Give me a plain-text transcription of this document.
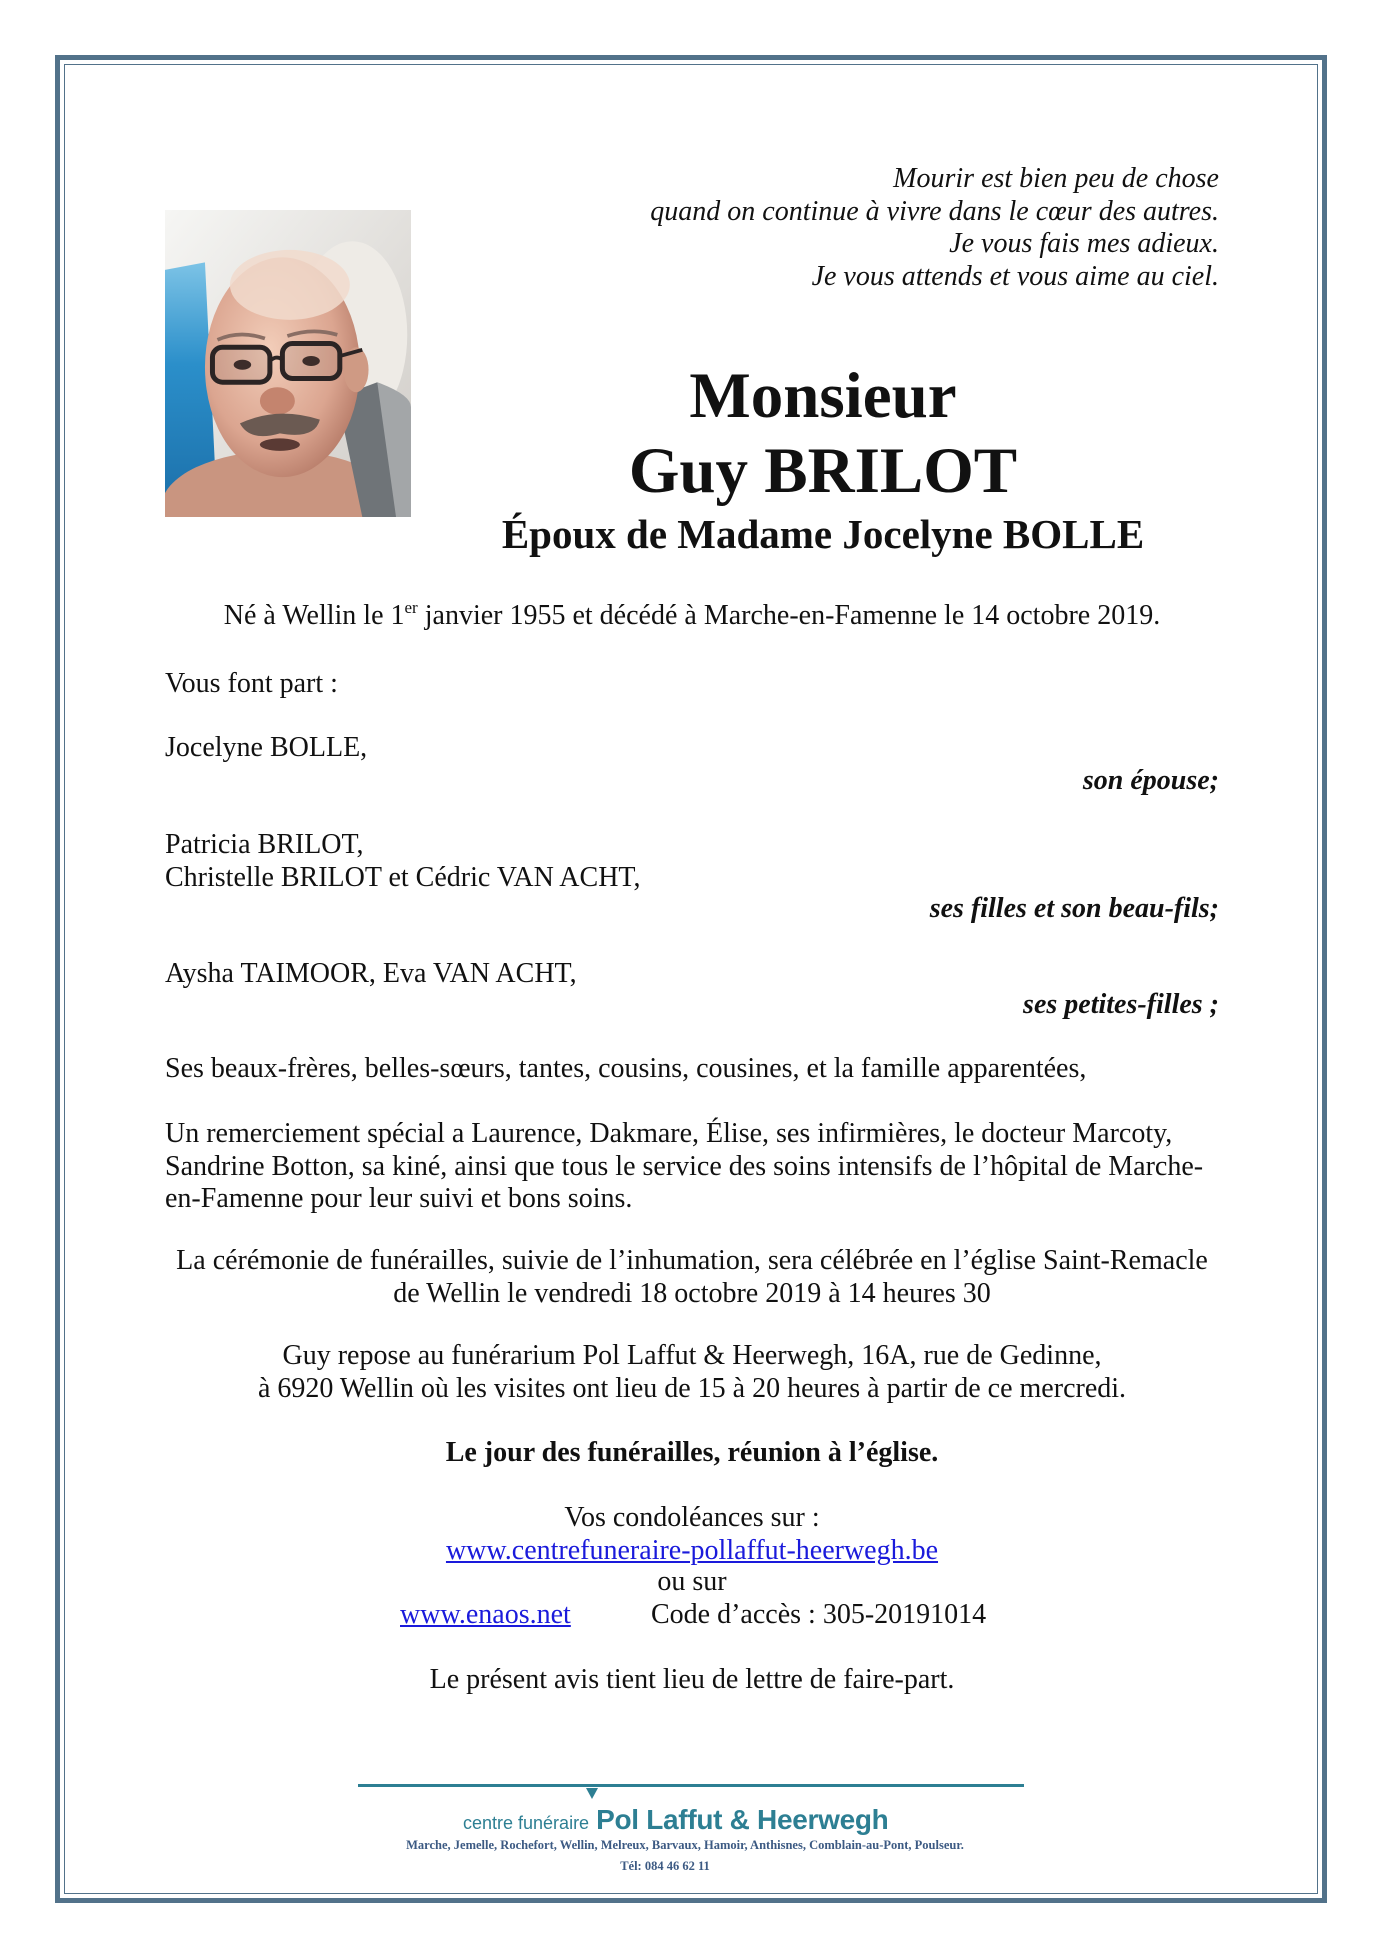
Mourir est bien peu de chose
quand on continue à vivre dans le cœur des autres.
Je vous fais mes adieux.
Je vous attends et vous aime au ciel.
Monsieur
Guy BRILOT
Époux de Madame Jocelyne BOLLE
Né à Wellin le 1er janvier 1955 et décédé à Marche-en-Famenne le 14 octobre 2019.
Vous font part :
Jocelyne BOLLE,
son épouse;
Patricia BRILOT,
Christelle BRILOT et Cédric VAN ACHT,
ses filles et son beau-fils;
Aysha TAIMOOR, Eva VAN ACHT,
ses petites-filles ;
Ses beaux-frères, belles-sœurs, tantes, cousins, cousines, et la famille apparentées,
Un remerciement spécial a Laurence, Dakmare, Élise, ses infirmières, le docteur Marcoty,
Sandrine Botton, sa kiné, ainsi que tous le service des soins intensifs de l’hôpital de Marche-
en-Famenne pour leur suivi et bons soins.
La cérémonie de funérailles, suivie de l’inhumation, sera célébrée en l’église Saint-Remacle
de Wellin le vendredi 18 octobre 2019 à 14 heures 30
Guy repose au funérarium Pol Laffut & Heerwegh, 16A, rue de Gedinne,
à 6920 Wellin où les visites ont lieu de 15 à 20 heures à partir de ce mercredi.
Le jour des funérailles, réunion à l’église.
Vos condoléances sur :
www.centrefuneraire-pollaffut-heerwegh.be
ou sur
www.enaos.net	Code d’accès : 305-20191014
Le présent avis tient lieu de lettre de faire-part.
centre funéraire Pol Laffut & Heerwegh
Marche, Jemelle, Rochefort, Wellin, Melreux, Barvaux, Hamoir, Anthisnes, Comblain-au-Pont, Poulseur.
Tél: 084 46 62 11
